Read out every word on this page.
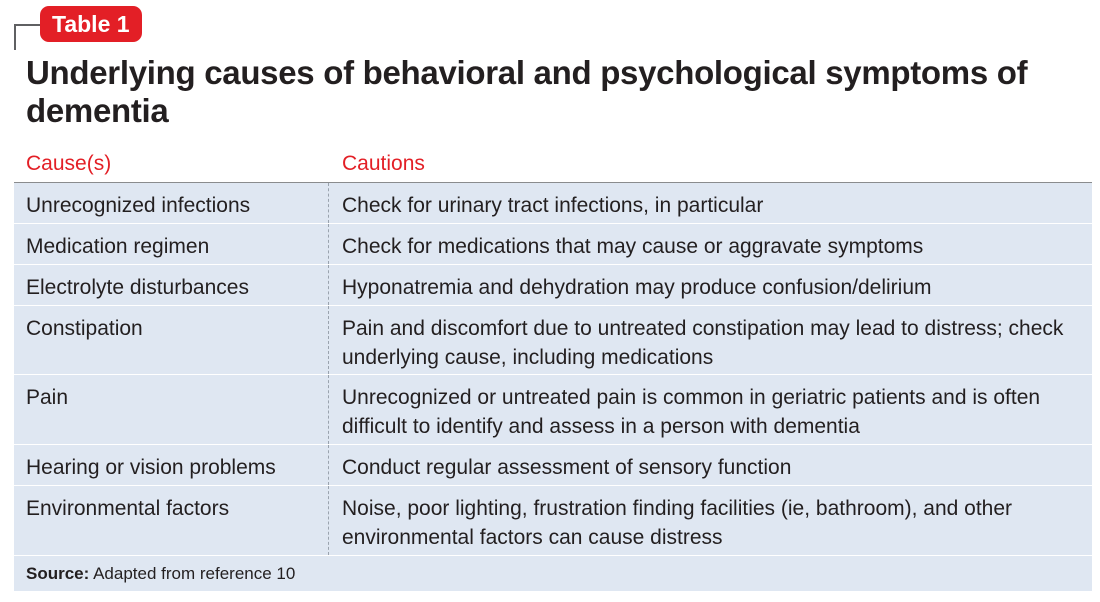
Table 1
Underlying causes of behavioral and psychological symptoms of dementia
Cause(s)	Cautions
Unrecognized infections	Check for urinary tract infections, in particular
Medication regimen	Check for medications that may cause or aggravate symptoms
Electrolyte disturbances	Hyponatremia and dehydration may produce confusion/delirium
Constipation	Pain and discomfort due to untreated constipation may lead to distress; check underlying cause, including medications
Pain	Unrecognized or untreated pain is common in geriatric patients and is often difficult to identify and assess in a person with dementia
Hearing or vision problems	Conduct regular assessment of sensory function
Environmental factors	Noise, poor lighting, frustration finding facilities (ie, bathroom), and other environmental factors can cause distress
Source: Adapted from reference 10
